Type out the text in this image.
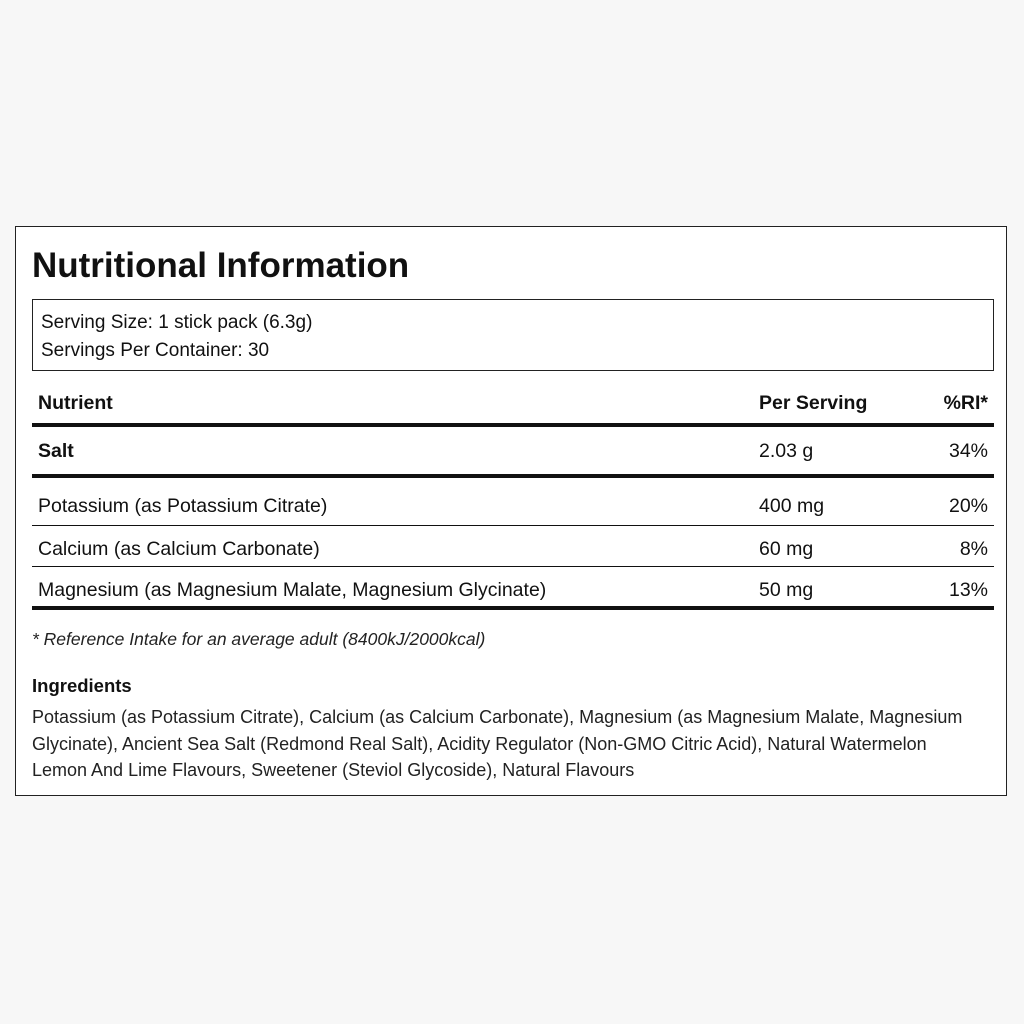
Nutritional Information
Serving Size: 1 stick pack (6.3g)
Servings Per Container: 30
Nutrient	Per Serving	%RI*
Salt	2.03 g	34%
Potassium (as Potassium Citrate)	400 mg	20%
Calcium (as Calcium Carbonate)	60 mg	8%
Magnesium (as Magnesium Malate, Magnesium Glycinate)	50 mg	13%
* Reference Intake for an average adult (8400kJ/2000kcal)
Ingredients
Potassium (as Potassium Citrate), Calcium (as Calcium Carbonate), Magnesium (as Magnesium Malate, Magnesium Glycinate), Ancient Sea Salt (Redmond Real Salt), Acidity Regulator (Non-GMO Citric Acid), Natural Watermelon Lemon And Lime Flavours, Sweetener (Steviol Glycoside), Natural Flavours
